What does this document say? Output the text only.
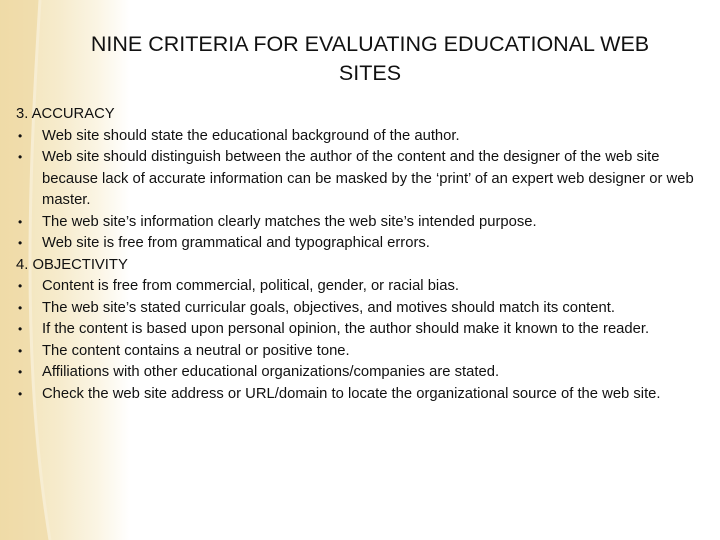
NINE CRITERIA FOR EVALUATING EDUCATIONAL WEB
SITES
3. ACCURACY
• Web site should state the educational background of the author.
• Web site should distinguish between the author of the content and the designer of the web site because lack of accurate information can be masked by the ‘print’ of an expert web designer or web master.
• The web site’s information clearly matches the web site’s intended purpose.
• Web site is free from grammatical and typographical errors.
4. OBJECTIVITY
• Content is free from commercial, political, gender, or racial bias.
• The web site’s stated curricular goals, objectives, and motives should match its content.
• If the content is based upon personal opinion, the author should make it known to the reader.
• The content contains a neutral or positive tone.
• Affiliations with other educational organizations/companies are stated.
• Check the web site address or URL/domain to locate the organizational source of the web site.
